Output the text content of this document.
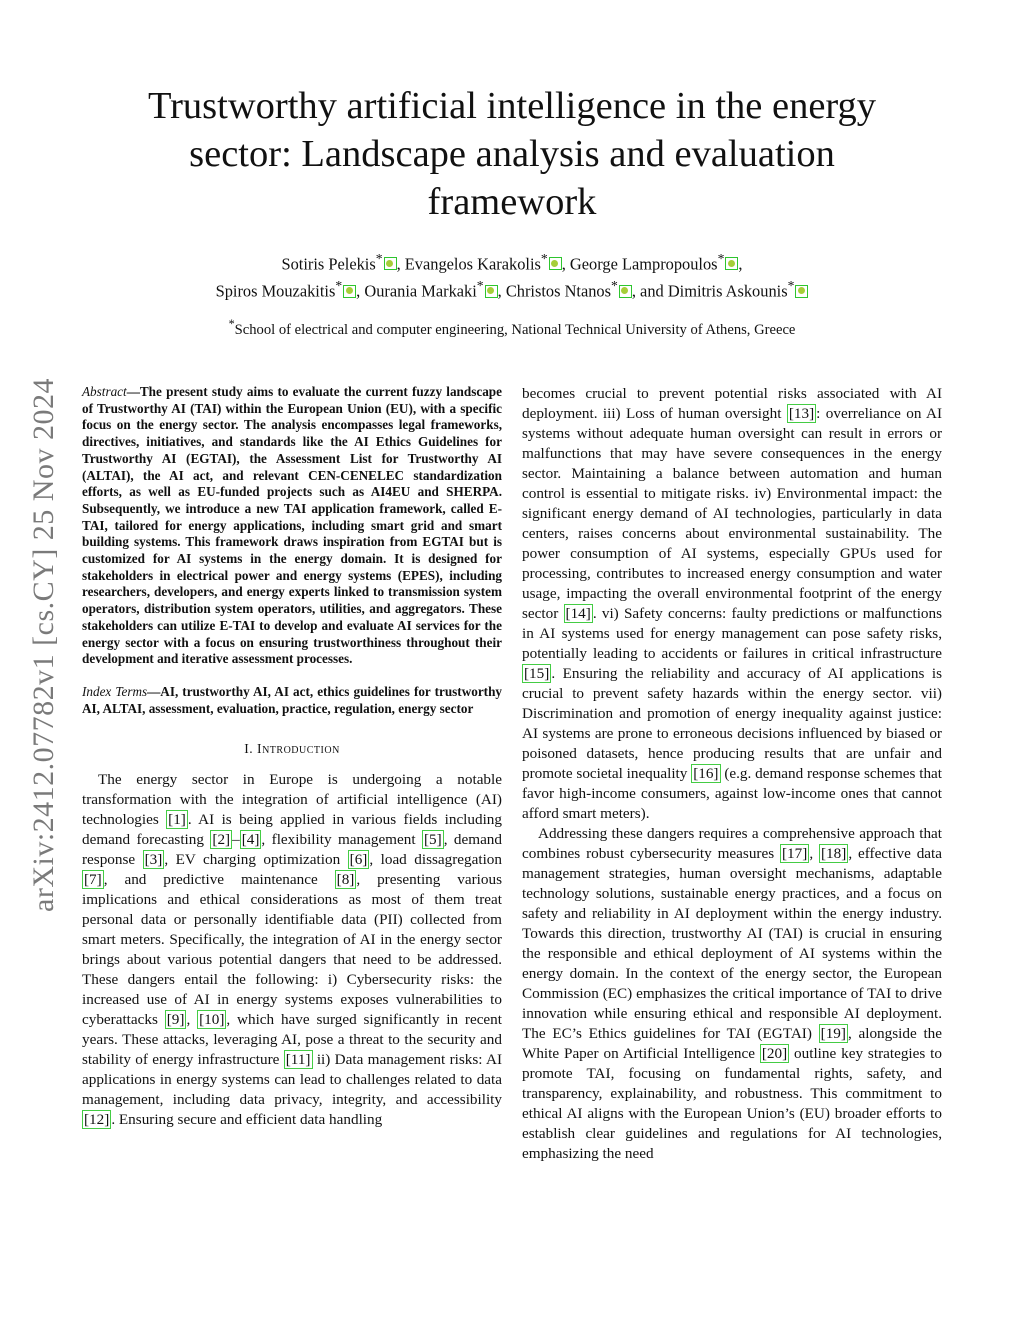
arXiv:2412.07782v1 [cs.CY] 25 Nov 2024
Trustworthy artificial intelligence in the energy
sector: Landscape analysis and evaluation
framework
Sotiris Pelekis* , Evangelos Karakolis* , George Lampropoulos* ,
Spiros Mouzakitis* , Ourania Markaki* , Christos Ntanos* , and Dimitris Askounis*
*School of electrical and computer engineering, National Technical University of Athens, Greece

Abstract—The present study aims to evaluate the current fuzzy landscape of Trustworthy AI (TAI) within the European Union (EU), with a specific focus on the energy sector. The analysis encompasses legal frameworks, directives, initiatives, and standards like the AI Ethics Guidelines for Trustworthy AI (EGTAI), the Assessment List for Trustworthy AI (ALTAI), the AI act, and relevant CEN-CENELEC standardization efforts, as well as EU-funded projects such as AI4EU and SHERPA. Subsequently, we introduce a new TAI application framework, called E-TAI, tailored for energy applications, including smart grid and smart building systems. This framework draws inspiration from EGTAI but is customized for AI systems in the energy domain. It is designed for stakeholders in electrical power and energy systems (EPES), including researchers, developers, and energy experts linked to transmission system operators, distribution system operators, utilities, and aggregators. These stakeholders can utilize E-TAI to develop and evaluate AI services for the energy sector with a focus on ensuring trustworthiness throughout their development and iterative assessment processes.

Index Terms—AI, trustworthy AI, AI act, ethics guidelines for trustworthy AI, ALTAI, assessment, evaluation, practice, regulation, energy sector

I. Introduction

The energy sector in Europe is undergoing a notable transformation with the integration of artificial intelligence (AI) technologies [1] . AI is being applied in various fields including demand forecasting [2] – [4] , flexibility management [5] , demand response [3] , EV charging optimization [6] , load dissagregation [7] , and predictive maintenance [8] , presenting various implications and ethical considerations as most of them treat personal data or personally identifiable data (PII) collected from smart meters. Specifically, the integration of AI in the energy sector brings about various potential dangers that need to be addressed. These dangers entail the following: i) Cybersecurity risks: the increased use of AI in energy systems exposes vulnerabilities to cyberattacks [9] , [10] , which have surged significantly in recent years. These attacks, leveraging AI, pose a threat to the security and stability of energy infrastructure [11] ii) Data management risks: AI applications in energy systems can lead to challenges related to data management, including data privacy, integrity, and accessibility [12] . Ensuring secure and efficient data handling

becomes crucial to prevent potential risks associated with AI deployment. iii) Loss of human oversight [13] : overreliance on AI systems without adequate human oversight can result in errors or malfunctions that may have severe consequences in the energy sector. Maintaining a balance between automation and human control is essential to mitigate risks. iv) Environmental impact: the significant energy demand of AI technologies, particularly in data centers, raises concerns about environmental sustainability. The power consumption of AI systems, especially GPUs used for processing, contributes to increased energy consumption and water usage, impacting the overall environmental footprint of the energy sector [14] . vi) Safety concerns: faulty predictions or malfunctions in AI systems used for energy management can pose safety risks, potentially leading to accidents or failures in critical infrastructure [15] . Ensuring the reliability and accuracy of AI applications is crucial to prevent safety hazards within the energy sector. vii) Discrimination and promotion of energy inequality against justice: AI systems are prone to erroneous decisions influenced by biased or poisoned datasets, hence producing results that are unfair and promote societal inequality [16] (e.g. demand response schemes that favor high-income consumers, against low-income ones that cannot afford smart meters).

Addressing these dangers requires a comprehensive approach that combines robust cybersecurity measures [17] , [18] , effective data management strategies, human oversight mechanisms, adaptable technology solutions, sustainable energy practices, and a focus on safety and reliability in AI deployment within the energy industry. Towards this direction, trustworthy AI (TAI) is crucial in ensuring the responsible and ethical deployment of AI systems within the energy domain. In the context of the energy sector, the European Commission (EC) emphasizes the critical importance of TAI to drive innovation while ensuring ethical and responsible AI deployment. The EC’s Ethics guidelines for TAI (EGTAI) [19] , alongside the White Paper on Artificial Intelligence [20] outline key strategies to promote TAI, focusing on fundamental rights, safety, and transparency, explainability, and robustness. This commitment to ethical AI aligns with the European Union’s (EU) broader efforts to establish clear guidelines and regulations for AI technologies, emphasizing the need
